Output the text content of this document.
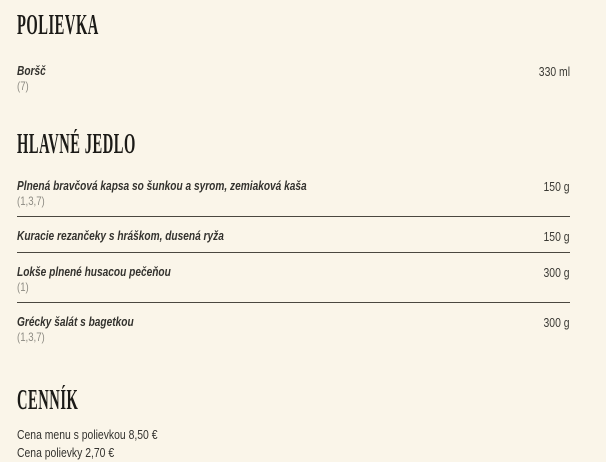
POLIEVKA
Boršč
(7)
330 ml
HLAVNÉ JEDLO
Plnená bravčová kapsa so šunkou a syrom, zemiaková kaša
(1,3,7)
150 g
Kuracie rezančeky s hráškom, dusená ryža	150 g
Lokše plnené husacou pečeňou
(1)
300 g
Grécky šalát s bagetkou
(1,3,7)
300 g
CENNÍK
Cena menu s polievkou 8,50 €
Cena polievky 2,70 €
